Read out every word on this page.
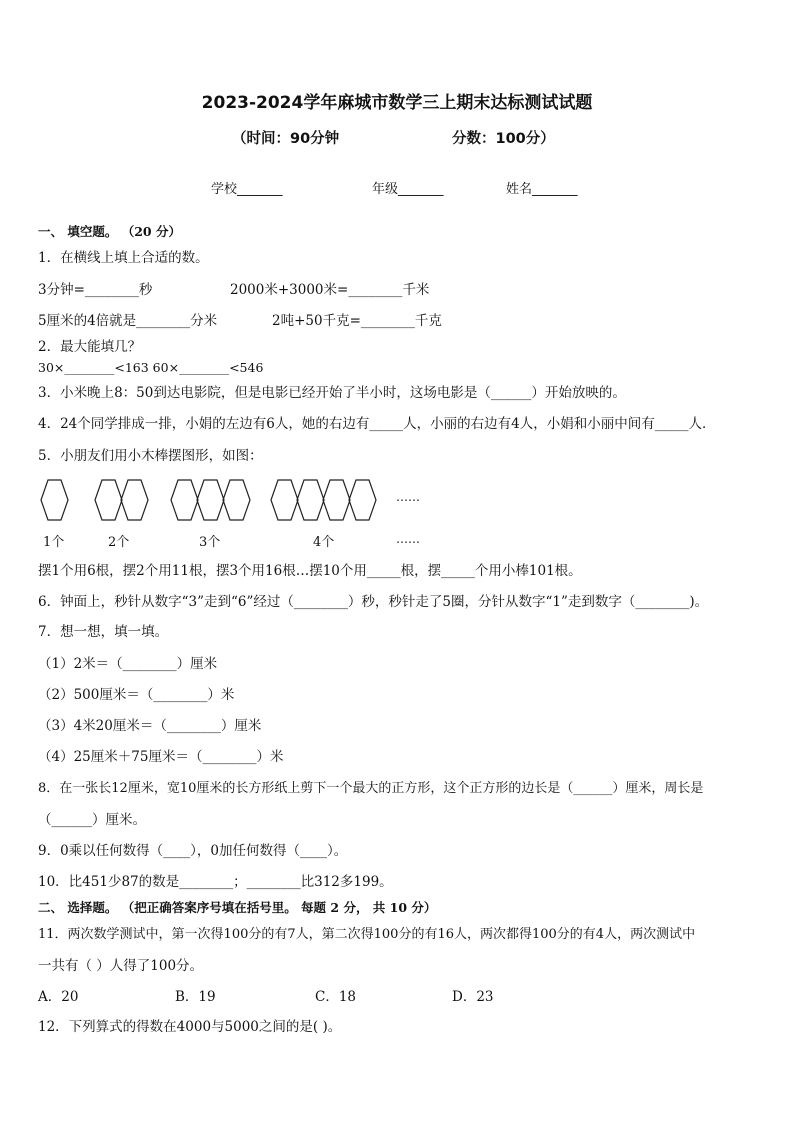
2023-2024学年麻城市数学三上期末达标测试试题
（时间：90分钟	分数：100分）
学校_______	年级_______	姓名_______
一、 填空题。 （20 分）
1．在横线上填上合适的数。
3分钟=________秒	2000米+3000米=________千米
5厘米的4倍就是________分米	2吨+50千克=________千克
2．最大能填几？
30×________<163 60×________<546
3．小米晚上8：50到达电影院，但是电影已经开始了半小时，这场电影是（______）开始放映的。
4．24个同学排成一排，小娟的左边有6人，她的右边有_____人，小丽的右边有4人，小娟和小丽中间有_____人．
5．小朋友们用小木棒摆图形，如图：
……
1个	2个	3个	4个	……
摆1个用6根，摆2个用11根，摆3个用16根…摆10个用_____根，摆_____个用小棒101根。
6．钟面上，秒针从数字“3”走到“6”经过（________）秒，秒针走了5圈，分针从数字“1”走到数字（________)。
7．想一想，填一填。
（1）2米＝（________）厘米
（2）500厘米＝（________）米
（3）4米20厘米＝（________）厘米
（4）25厘米＋75厘米＝（________）米
8．在一张长12厘米，宽10厘米的长方形纸上剪下一个最大的正方形，这个正方形的边长是（______）厘米，周长是
（______）厘米。
9．0乘以任何数得（____），0加任何数得（____）。
10．比451少87的数是________；________比312多199。
二、 选择题。 （把正确答案序号填在括号里。 每题 2 分， 共 10 分）
11．两次数学测试中，第一次得100分的有7人，第二次得100分的有16人，两次都得100分的有4人，两次测试中
一共有（ ）人得了100分。
A．20	B．19	C．18	D．23
12．下列算式的得数在4000与5000之间的是( )。
